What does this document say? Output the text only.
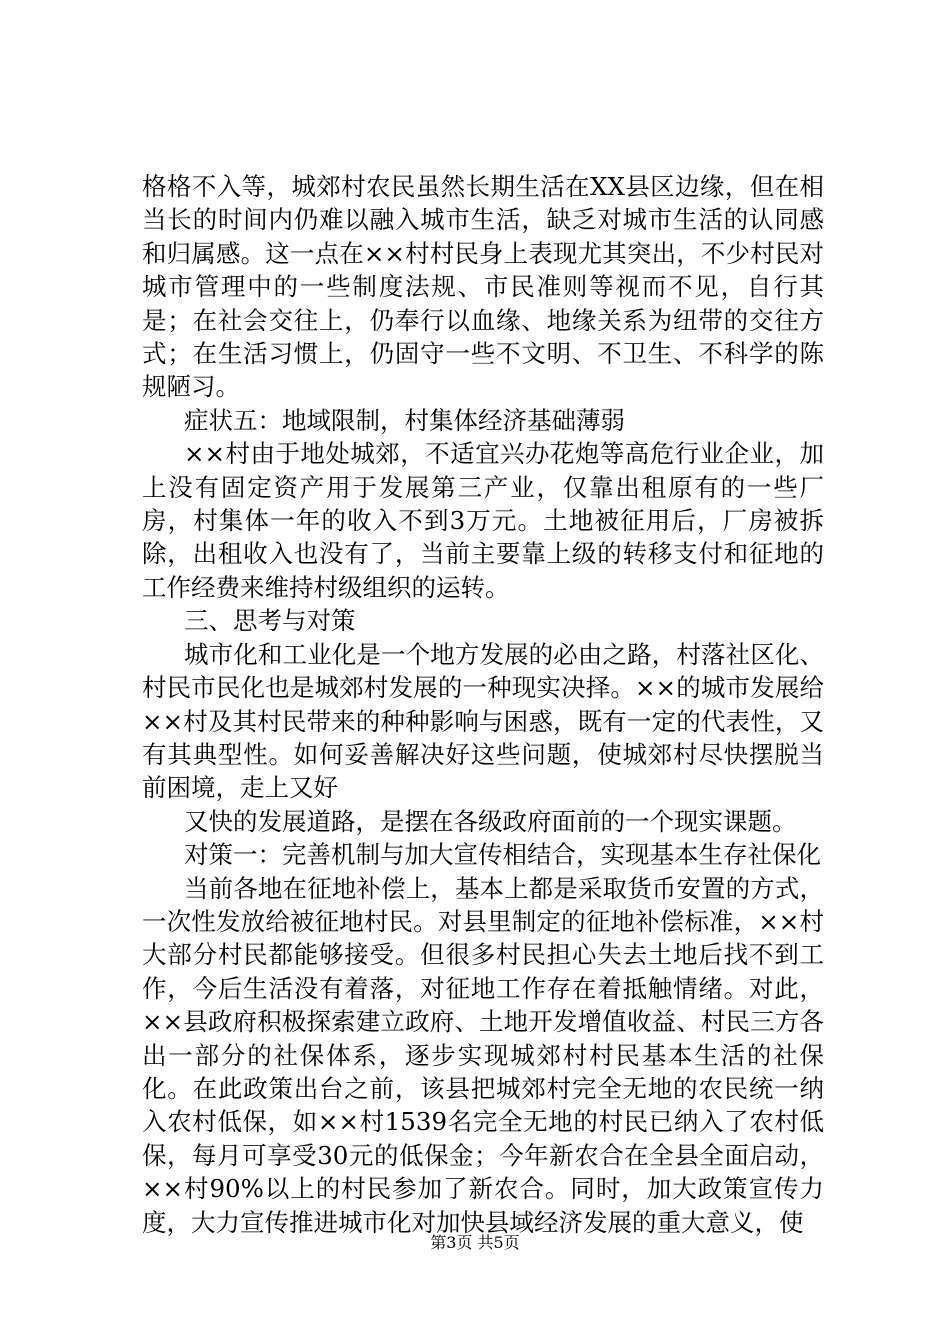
格格不入等，城郊村农民虽然长期生活在XX县区边缘，但在相当长的时间内仍难以融入城市生活，缺乏对城市生活的认同感和归属感。这一点在××村村民身上表现尤其突出，不少村民对城市管理中的一些制度法规、市民准则等视而不见，自行其是；在社会交往上，仍奉行以血缘、地缘关系为纽带的交往方式；在生活习惯上，仍固守一些不文明、不卫生、不科学的陈规陋习。

症状五：地域限制，村集体经济基础薄弱

××村由于地处城郊，不适宜兴办花炮等高危行业企业，加上没有固定资产用于发展第三产业，仅靠出租原有的一些厂房，村集体一年的收入不到3万元。土地被征用后，厂房被拆除，出租收入也没有了，当前主要靠上级的转移支付和征地的工作经费来维持村级组织的运转。

三、思考与对策

城市化和工业化是一个地方发展的必由之路，村落社区化、村民市民化也是城郊村发展的一种现实决择。××的城市发展给××村及其村民带来的种种影响与困惑，既有一定的代表性，又有其典型性。如何妥善解决好这些问题，使城郊村尽快摆脱当前困境，走上又好

又快的发展道路，是摆在各级政府面前的一个现实课题。

对策一：完善机制与加大宣传相结合，实现基本生存社保化

当前各地在征地补偿上，基本上都是采取货币安置的方式，一次性发放给被征地村民。对县里制定的征地补偿标准，××村大部分村民都能够接受。但很多村民担心失去土地后找不到工作，今后生活没有着落，对征地工作存在着抵触情绪。对此，××县政府积极探索建立政府、土地开发增值收益、村民三方各出一部分的社保体系，逐步实现城郊村村民基本生活的社保化。在此政策出台之前，该县把城郊村完全无地的农民统一纳入农村低保，如××村1539名完全无地的村民已纳入了农村低保，每月可享受30元的低保金；今年新农合在全县全面启动，××村90%以上的村民参加了新农合。同时，加大政策宣传力度，大力宣传推进城市化对加快县域经济发展的重大意义，使

第3页 共5页
